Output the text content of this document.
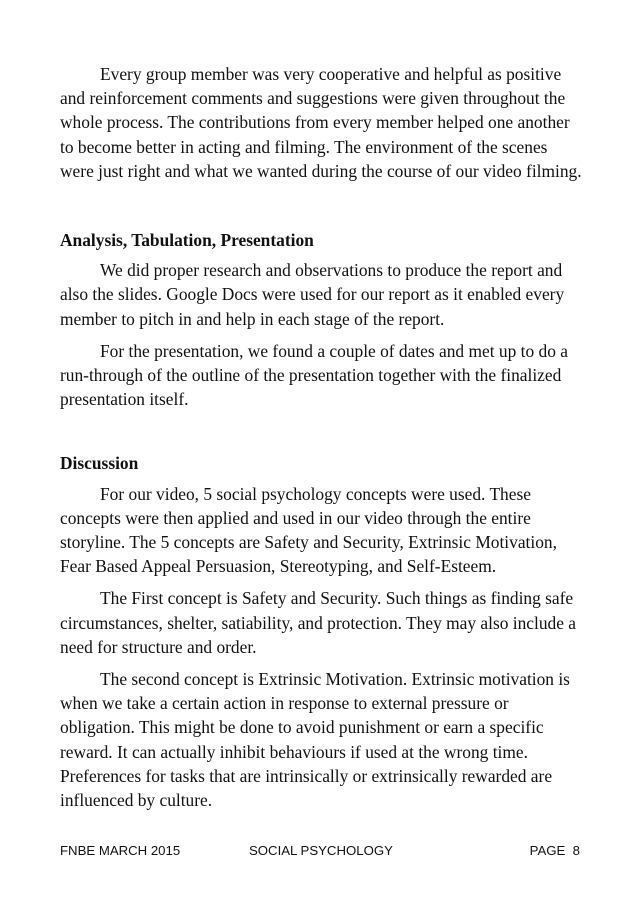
Every group member was very cooperative and helpful as positive and reinforcement comments and suggestions were given throughout the whole process. The contributions from every member helped one another to become better in acting and filming. The environment of the scenes were just right and what we wanted during the course of our video filming.

Analysis, Tabulation, Presentation

We did proper research and observations to produce the report and also the slides. Google Docs were used for our report as it enabled every member to pitch in and help in each stage of the report.

For the presentation, we found a couple of dates and met up to do a run-through of the outline of the presentation together with the finalized presentation itself.

Discussion

For our video, 5 social psychology concepts were used. These concepts were then applied and used in our video through the entire storyline. The 5 concepts are Safety and Security, Extrinsic Motivation, Fear Based Appeal Persuasion, Stereotyping, and Self-Esteem.

The First concept is Safety and Security. Such things as finding safe circumstances, shelter, satiability, and protection. They may also include a need for structure and order.

The second concept is Extrinsic Motivation. Extrinsic motivation is when we take a certain action in response to external pressure or obligation. This might be done to avoid punishment or earn a specific reward. It can actually inhibit behaviours if used at the wrong time. Preferences for tasks that are intrinsically or extrinsically rewarded are influenced by culture.

FNBE MARCH 2015	SOCIAL PSYCHOLOGY	PAGE  8
